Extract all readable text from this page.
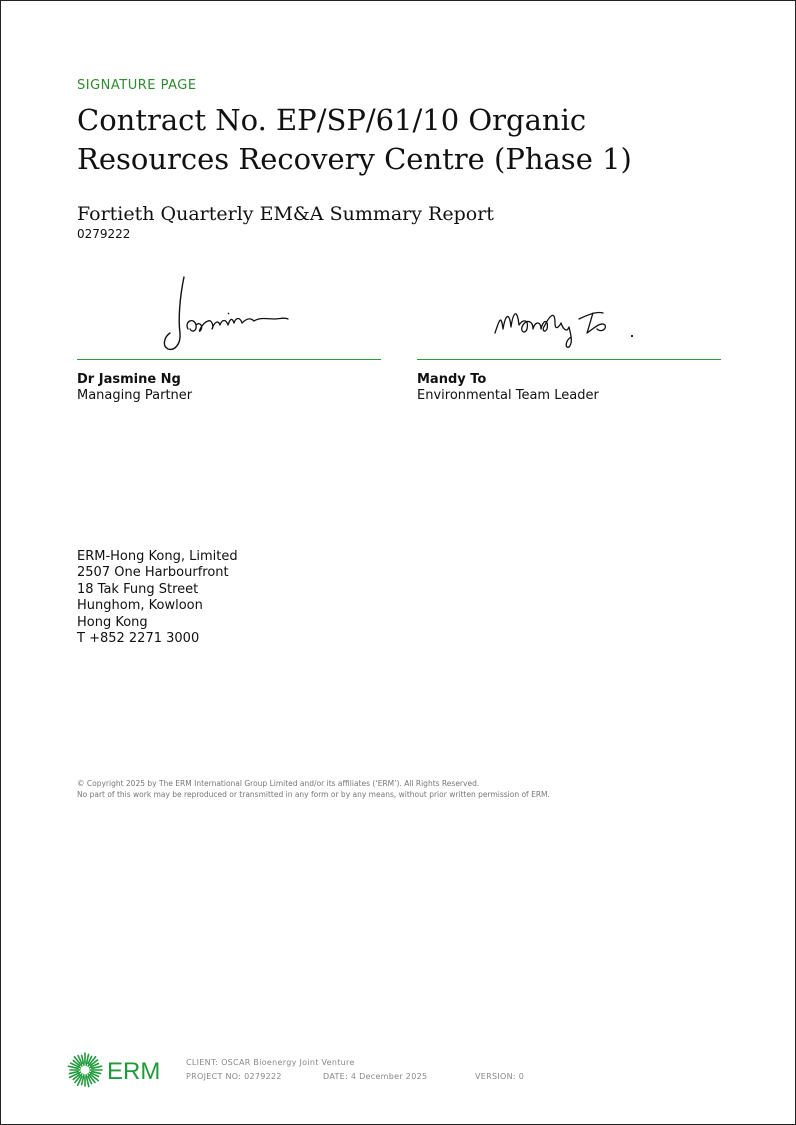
SIGNATURE PAGE
Contract No. EP/SP/61/10 Organic Resources Recovery Centre (Phase 1)
Fortieth Quarterly EM&A Summary Report
0279222
Dr Jasmine Ng
Managing Partner
Mandy To
Environmental Team Leader
ERM-Hong Kong, Limited
2507 One Harbourfront
18 Tak Fung Street
Hunghom, Kowloon
Hong Kong
T +852 2271 3000
© Copyright 2025 by The ERM International Group Limited and/or its affiliates (‘ERM’). All Rights Reserved.
No part of this work may be reproduced or transmitted in any form or by any means, without prior written permission of ERM.
ERM	CLIENT: OSCAR Bioenergy Joint Venture
PROJECT NO: 0279222	DATE: 4 December 2025	VERSION: 0
